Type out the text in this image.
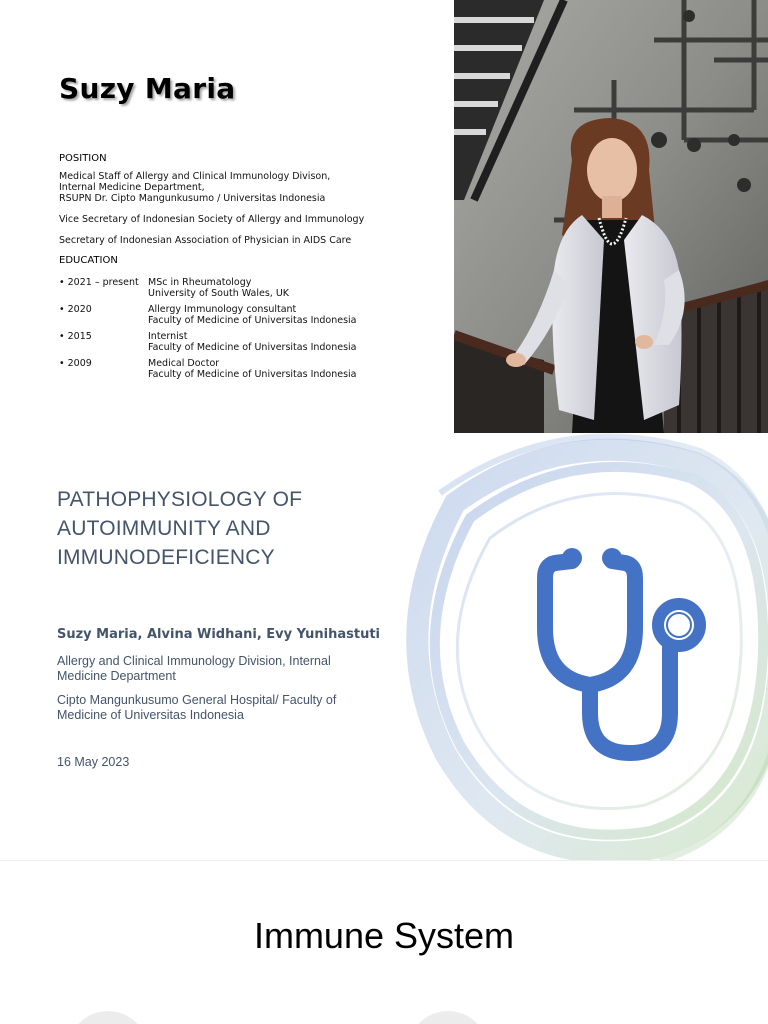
Suzy Maria
POSITION
Medical Staff of Allergy and Clinical Immunology Divison,
Internal Medicine Department,
RSUPN Dr. Cipto Mangunkusumo / Universitas Indonesia
Vice Secretary of Indonesian Society of Allergy and Immunology
Secretary of Indonesian Association of Physician in AIDS Care
EDUCATION
• 2021 – present MSc in Rheumatology
University of South Wales, UK
• 2020	Allergy Immunology consultant
Faculty of Medicine of Universitas Indonesia
• 2015	Internist
Faculty of Medicine of Universitas Indonesia
• 2009	Medical Doctor
Faculty of Medicine of Universitas Indonesia
PATHOPHYSIOLOGY OF
AUTOIMMUNITY AND
IMMUNODEFICIENCY
Suzy Maria, Alvina Widhani, Evy Yunihastuti
Allergy and Clinical Immunology Division, Internal
Medicine Department
Cipto Mangunkusumo General Hospital/ Faculty of
Medicine of Universitas Indonesia
16 May 2023
Immune System
